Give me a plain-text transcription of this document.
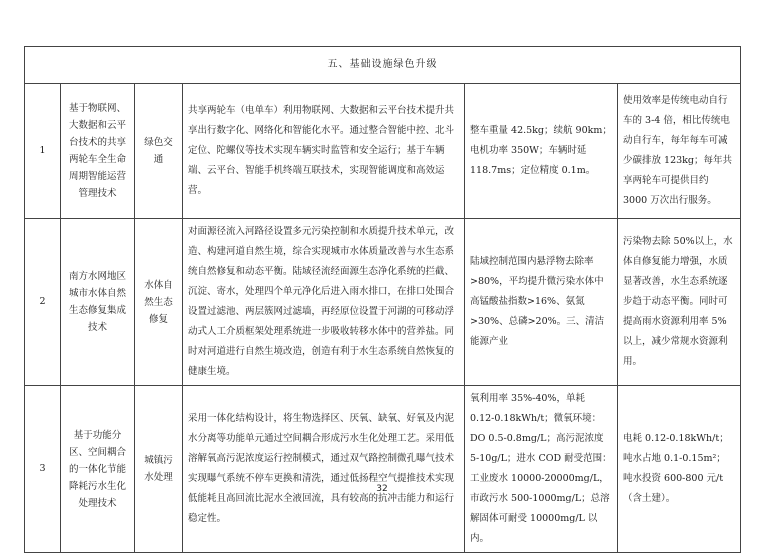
五、基础设施绿色升级					
1	基于物联网、大数据和云平台技术的共享两轮车全生命周期智能运营管理技术	绿色交通	共享两轮车（电单车）利用物联网、大数据和云平台技术提升共享出行数字化、网络化和智能化水平。通过整合智能中控、北斗定位、陀螺仪等技术实现车辆实时监管和安全运行；基于车辆端、云平台、智能手机终端互联技术，实现智能调度和高效运营。	整车重量 42.5kg；续航 90km；电机功率 350W；车辆时延 118.7ms；定位精度 0.1m。	使用效率是传统电动自行车的 3-4 倍，相比传统电动自行车，每年每车可减少碳排放 123kg；每年共享两轮车可提供目约 3000 万次出行服务。
2	南方水网地区城市水体自然生态修复集成技术	水体自然生态修复	对面源径流入河路径设置多元污染控制和水质提升技术单元，改造、构建河道自然生境，综合实现城市水体质量改善与水生态系统自然修复和动态平衡。陆域径流经面源生态净化系统的拦截、沉淀、寄水，处理四个单元净化后进入雨水排口，在排口处围合设置过滤池、两层簇网过滤墙，再经原位设置于河湖的可移动浮动式人工介质框架处理系统进一步吸收转移水体中的营养盐。同时对河道进行自然生境改造，创造有利于水生态系统自然恢复的健康生境。	陆域控制范围内悬浮物去除率>80%，平均提升微污染水体中高锰酸盐指数>16%、氨氮>30%、总磷>20%。三、清洁能源产业	污染物去除 50%以上，水体自修复能力增强，水质显著改善，水生态系统逐步趋于动态平衡。同时可提高雨水资源利用率 5%以上，减少常规水资源利用。
3	基于功能分区、空间耦合的一体化节能降耗污水生化处理技术	城镇污水处理	采用一体化结构设计，将生物选择区、厌氧、缺氧、好氧及内泥水分离等功能单元通过空间耦合形成污水生化处理工艺。采用低溶解氧高污泥浓度运行控制模式，通过双气路控制微孔曝气技术实现曝气系统不停车更换和清洗，通过低扬程空气提推技术实现低能耗且高回流比泥水全液回流，具有较高的抗冲击能力和运行稳定性。	氧利用率 35%-40%，单耗 0.12-0.18kWh/t；微氧环境：DO 0.5-0.8mg/L；高污泥浓度 5-10g/L；进水 COD 耐受范围：工业废水 10000-20000mg/L，市政污水 500-1000mg/L；总溶解固体可耐受 10000mg/L 以内。	电耗 0.12-0.18kWh/t；吨水占地 0.1-0.15m²；吨水投资 600-800 元/t（含土建）。
32
